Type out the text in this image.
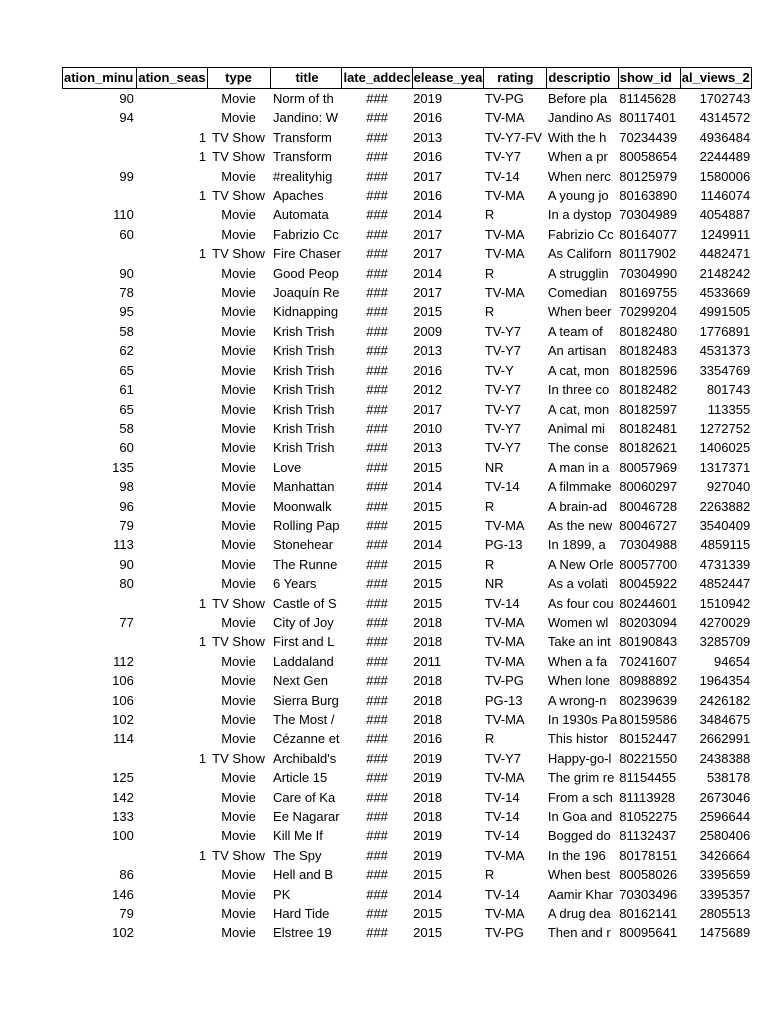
ation_minu	ation_seas	type	title	late_addec	elease_yea	rating	descriptio	show_id	al_views_2
90		Movie	Norm of th	###	2019	TV-PG	Before pla	81145628	1702743
94		Movie	Jandino: W	###	2016	TV-MA	Jandino As	80117401	4314572
	1	TV Show	Transform	###	2013	TV-Y7-FV	With the h	70234439	4936484
	1	TV Show	Transform	###	2016	TV-Y7	When a pr	80058654	2244489
99		Movie	#realityhig	###	2017	TV-14	When nerc	80125979	1580006
	1	TV Show	Apaches	###	2016	TV-MA	A young jo	80163890	1146074
110		Movie	Automata	###	2014	R	In a dystop	70304989	4054887
60		Movie	Fabrizio Cc	###	2017	TV-MA	Fabrizio Cc	80164077	1249911
	1	TV Show	Fire Chaser	###	2017	TV-MA	As Californ	80117902	4482471
90		Movie	Good Peop	###	2014	R	A strugglin	70304990	2148242
78		Movie	Joaquín Re	###	2017	TV-MA	Comedian	80169755	4533669
95		Movie	Kidnapping	###	2015	R	When beer	70299204	4991505
58		Movie	Krish Trish	###	2009	TV-Y7	A team of	80182480	1776891
62		Movie	Krish Trish	###	2013	TV-Y7	An artisan	80182483	4531373
65		Movie	Krish Trish	###	2016	TV-Y	A cat, mon	80182596	3354769
61		Movie	Krish Trish	###	2012	TV-Y7	In three co	80182482	801743
65		Movie	Krish Trish	###	2017	TV-Y7	A cat, mon	80182597	113355
58		Movie	Krish Trish	###	2010	TV-Y7	Animal mi	80182481	1272752
60		Movie	Krish Trish	###	2013	TV-Y7	The conse	80182621	1406025
135		Movie	Love	###	2015	NR	A man in a	80057969	1317371
98		Movie	Manhattan	###	2014	TV-14	A filmmake	80060297	927040
96		Movie	Moonwalk	###	2015	R	A brain-ad	80046728	2263882
79		Movie	Rolling Pap	###	2015	TV-MA	As the new	80046727	3540409
113		Movie	Stonehear	###	2014	PG-13	In 1899, a	70304988	4859115
90		Movie	The Runne	###	2015	R	A New Orle	80057700	4731339
80		Movie	6 Years	###	2015	NR	As a volati	80045922	4852447
	1	TV Show	Castle of S	###	2015	TV-14	As four cou	80244601	1510942
77		Movie	City of Joy	###	2018	TV-MA	Women wl	80203094	4270029
	1	TV Show	First and L	###	2018	TV-MA	Take an int	80190843	3285709
112		Movie	Laddaland	###	2011	TV-MA	When a fa	70241607	94654
106		Movie	Next Gen	###	2018	TV-PG	When lone	80988892	1964354
106		Movie	Sierra Burg	###	2018	PG-13	A wrong-n	80239639	2426182
102		Movie	The Most /	###	2018	TV-MA	In 1930s Pa	80159586	3484675
114		Movie	Cézanne et	###	2016	R	This histor	80152447	2662991
	1	TV Show	Archibald's	###	2019	TV-Y7	Happy-go-l	80221550	2438388
125		Movie	Article 15	###	2019	TV-MA	The grim re	81154455	538178
142		Movie	Care of Ka	###	2018	TV-14	From a sch	81113928	2673046
133		Movie	Ee Nagarar	###	2018	TV-14	In Goa and	81052275	2596644
100		Movie	Kill Me If	###	2019	TV-14	Bogged do	81132437	2580406
	1	TV Show	The Spy	###	2019	TV-MA	In the 196	80178151	3426664
86		Movie	Hell and B	###	2015	R	When best	80058026	3395659
146		Movie	PK	###	2014	TV-14	Aamir Khar	70303496	3395357
79		Movie	Hard Tide	###	2015	TV-MA	A drug dea	80162141	2805513
102		Movie	Elstree 19	###	2015	TV-PG	Then and r	80095641	1475689
